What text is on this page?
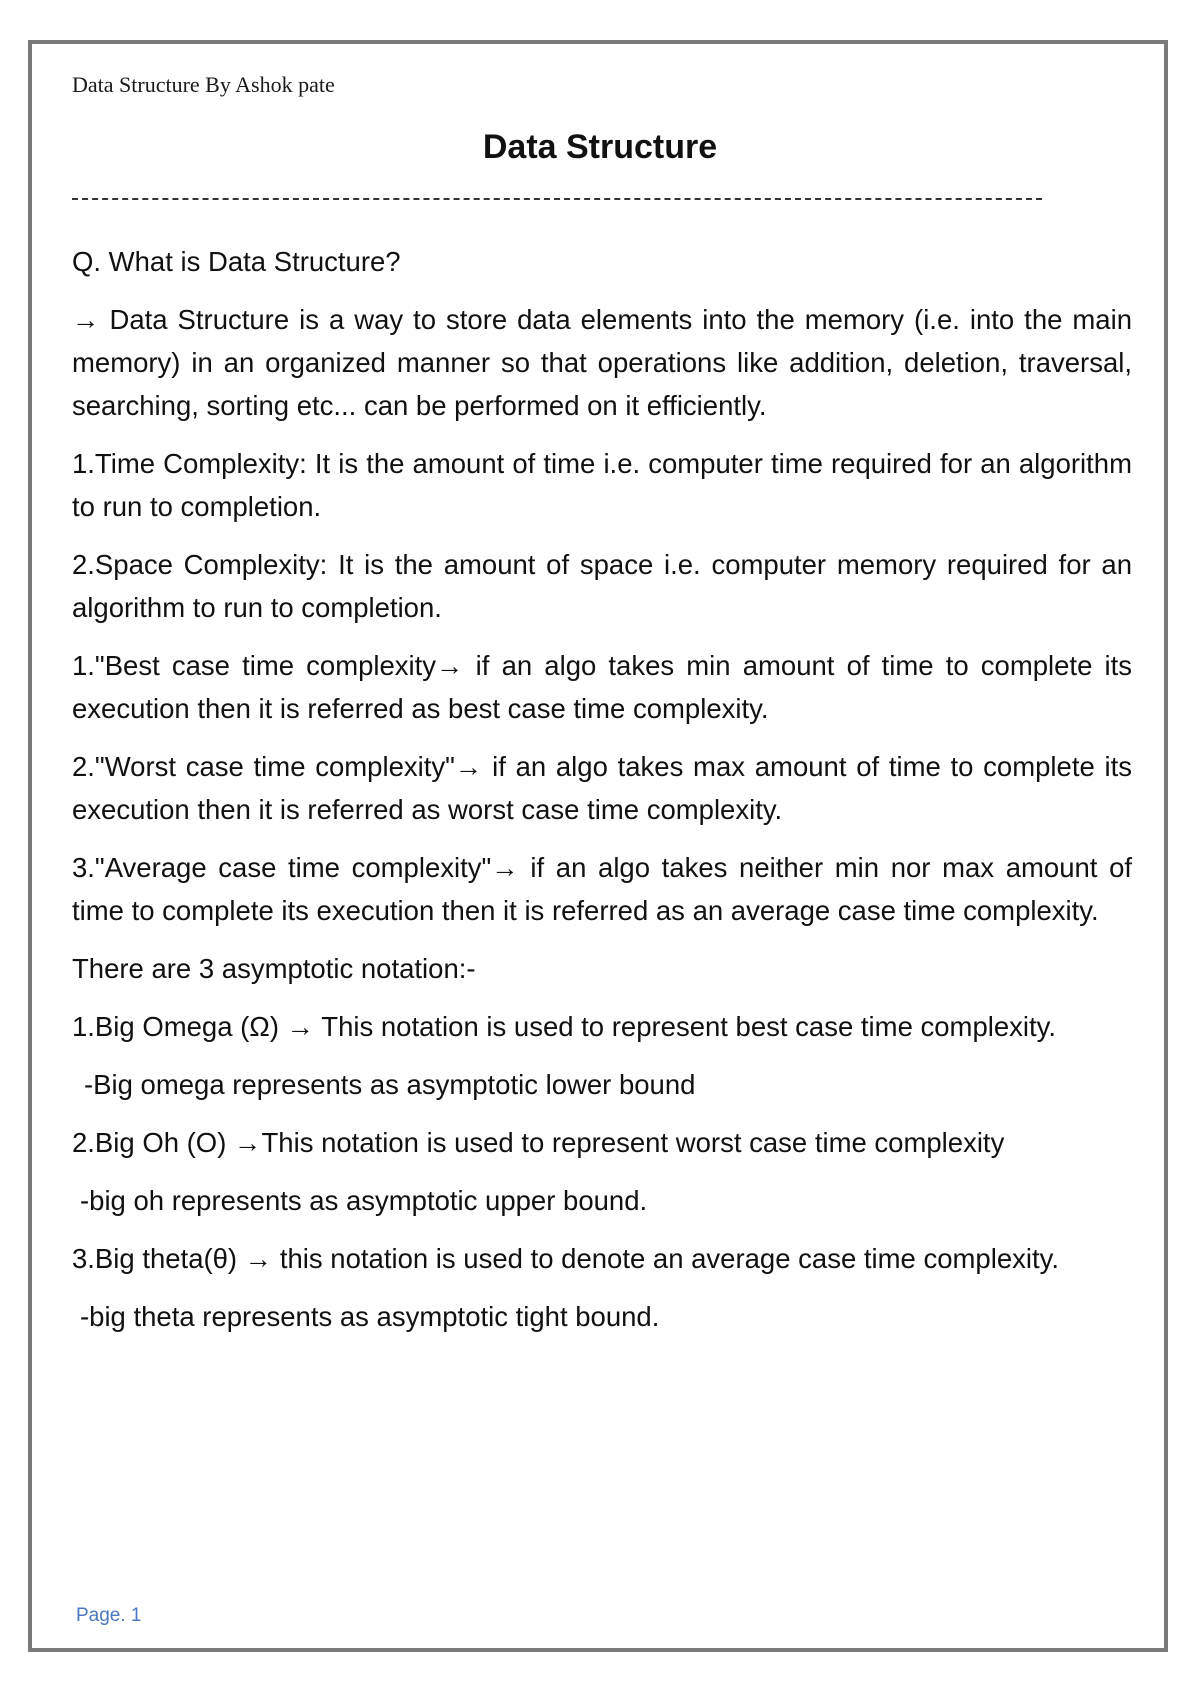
Data Structure By Ashok pate
Data Structure

Q. What is Data Structure?

→ Data Structure is a way to store data elements into the memory (i.e. into the main memory) in an organized manner so that operations like addition, deletion, traversal, searching, sorting etc... can be performed on it efficiently.

1.Time Complexity: It is the amount of time i.e. computer time required for an algorithm to run to completion.

2.Space Complexity: It is the amount of space i.e. computer memory required for an algorithm to run to completion.

1."Best case time complexity→ if an algo takes min amount of time to complete its execution then it is referred as best case time complexity.

2."Worst case time complexity"→ if an algo takes max amount of time to complete its execution then it is referred as worst case time complexity.

3."Average case time complexity"→ if an algo takes neither min nor max amount of time to complete its execution then it is referred as an average case time complexity.

There are 3 asymptotic notation:-

1.Big Omega (Ω) → This notation is used to represent best case time complexity.

-Big omega represents as asymptotic lower bound

2.Big Oh (O) →This notation is used to represent worst case time complexity

-big oh represents as asymptotic upper bound.

3.Big theta(θ) → this notation is used to denote an average case time complexity.

-big theta represents as asymptotic tight bound.

Page. 1
